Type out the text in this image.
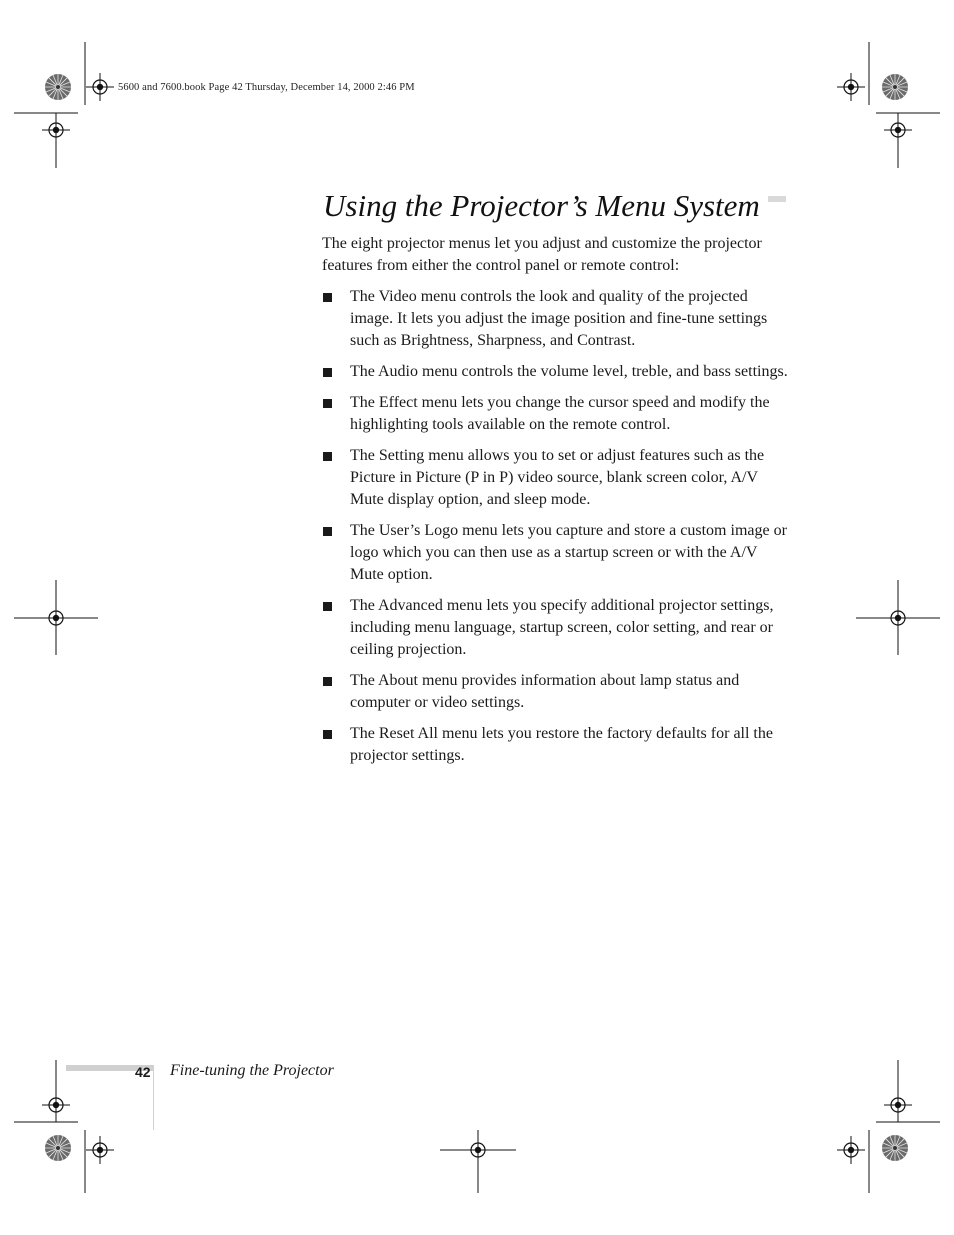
5600 and 7600.book Page 42 Thursday, December 14, 2000 2:46 PM
Using the Projector’s Menu System

The eight projector menus let you adjust and customize the projector features from either the control panel or remote control:

The Video menu controls the look and quality of the projected image. It lets you adjust the image position and fine-tune settings such as Brightness, Sharpness, and Contrast.
The Audio menu controls the volume level, treble, and bass settings.
The Effect menu lets you change the cursor speed and modify the highlighting tools available on the remote control.
The Setting menu allows you to set or adjust features such as the Picture in Picture (P in P) video source, blank screen color, A/V Mute display option, and sleep mode.
The User’s Logo menu lets you capture and store a custom image or logo which you can then use as a startup screen or with the A/V Mute option.
The Advanced menu lets you specify additional projector settings, including menu language, startup screen, color setting, and rear or ceiling projection.
The About menu provides information about lamp status and computer or video settings.
The Reset All menu lets you restore the factory defaults for all the projector settings.
42 Fine-tuning the Projector
